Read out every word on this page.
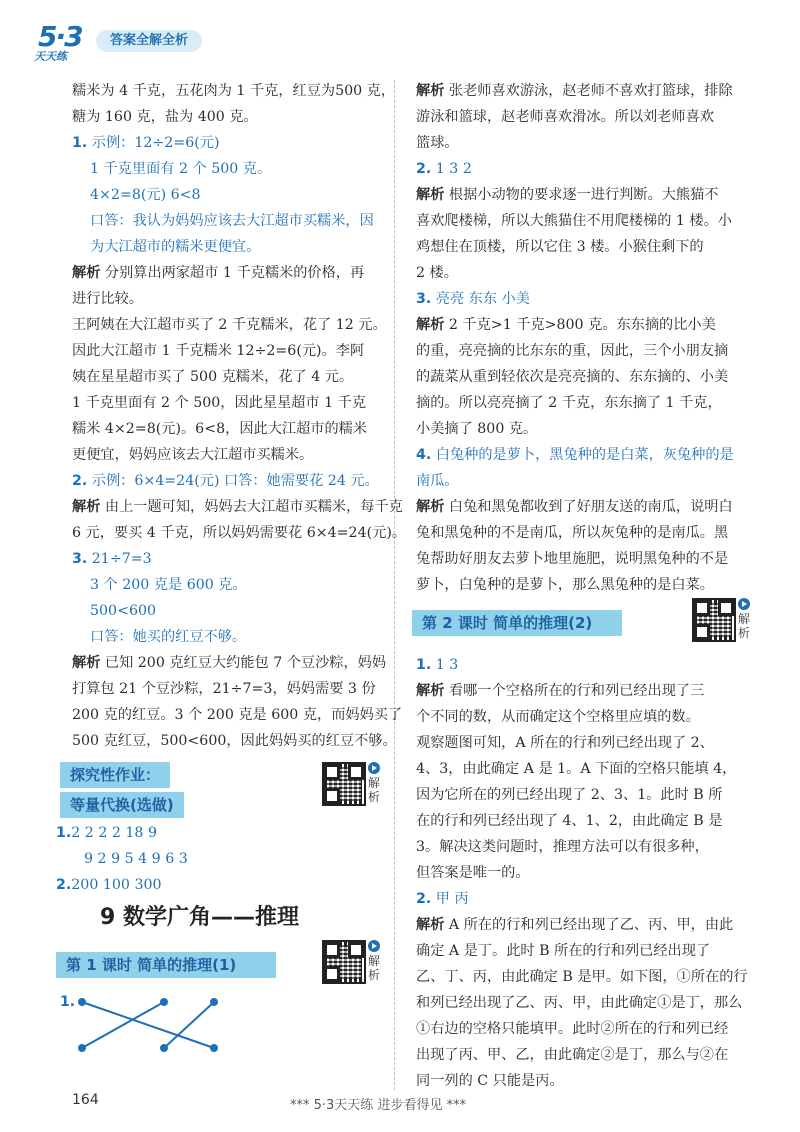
5·3
天天练
答案全解全析
糯米为 4 千克，五花肉为 1 千克，红豆为500 克，
糖为 160 克，盐为 400 克。
1. 示例：12÷2=6(元)
1 千克里面有 2 个 500 克。
4×2=8(元) 6<8
口答：我认为妈妈应该去大江超市买糯米，因
为大江超市的糯米更便宜。
解析 分别算出两家超市 1 千克糯米的价格，再
进行比较。
王阿姨在大江超市买了 2 千克糯米，花了 12 元。
因此大江超市 1 千克糯米 12÷2=6(元)。李阿
姨在星星超市买了 500 克糯米，花了 4 元。
1 千克里面有 2 个 500，因此星星超市 1 千克
糯米 4×2=8(元)。6<8，因此大江超市的糯米
更便宜，妈妈应该去大江超市买糯米。
2. 示例：6×4=24(元) 口答：她需要花 24 元。
解析 由上一题可知，妈妈去大江超市买糯米，每千克
6 元，要买 4 千克，所以妈妈需要花 6×4=24(元)。
3. 21÷7=3
3 个 200 克是 600 克。
500<600
口答：她买的红豆不够。
解析 已知 200 克红豆大约能包 7 个豆沙粽，妈妈
打算包 21 个豆沙粽，21÷7=3，妈妈需要 3 份
200 克的红豆。3 个 200 克是 600 克，而妈妈买了
500 克红豆，500<600，因此妈妈买的红豆不够。
探究性作业：
等量代换(选做)
解析
1.2 2 2 2 18 9
9 2 9 5 4 9 6 3
2.200 100 300
9 数学广角——推理
第 1 课时 简单的推理(1)	解析
1.
解析 张老师喜欢游泳，赵老师不喜欢打篮球，排除
游泳和篮球，赵老师喜欢滑冰。所以刘老师喜欢
篮球。
2. 1 3 2
解析 根据小动物的要求逐一进行判断。大熊猫不
喜欢爬楼梯，所以大熊猫住不用爬楼梯的 1 楼。小
鸡想住在顶楼，所以它住 3 楼。小猴住剩下的
2 楼。
3. 亮亮 东东 小美
解析 2 千克>1 千克>800 克。东东摘的比小美
的重，亮亮摘的比东东的重，因此，三个小朋友摘
的蔬菜从重到轻依次是亮亮摘的、东东摘的、小美
摘的。所以亮亮摘了 2 千克，东东摘了 1 千克，
小美摘了 800 克。
4. 白兔种的是萝卜，黑兔种的是白菜，灰兔种的是
南瓜。
解析 白兔和黑兔都收到了好朋友送的南瓜，说明白
兔和黑兔种的不是南瓜，所以灰兔种的是南瓜。黑
兔帮助好朋友去萝卜地里施肥，说明黑兔种的不是
萝卜，白兔种的是萝卜，那么黑兔种的是白菜。
第 2 课时 简单的推理(2)	解析
1. 1 3
解析 看哪一个空格所在的行和列已经出现了三
个不同的数，从而确定这个空格里应填的数。
观察题图可知，A 所在的行和列已经出现了 2、
4、3，由此确定 A 是 1。A 下面的空格只能填 4，
因为它所在的列已经出现了 2、3、1。此时 B 所
在的行和列已经出现了 4、1、2，由此确定 B 是
3。解决这类问题时，推理方法可以有很多种，
但答案是唯一的。
2. 甲 丙
解析 A 所在的行和列已经出现了乙、丙、甲，由此
确定 A 是丁。此时 B 所在的行和列已经出现了
乙、丁、丙，由此确定 B 是甲。如下图，①所在的行
和列已经出现了乙、丙、甲，由此确定①是丁，那么
①右边的空格只能填甲。此时②所在的行和列已经
出现了丙、甲、乙，由此确定②是丁，那么与②在
同一列的 C 只能是丙。
164	*** 5·3天天练 进步看得见 ***
